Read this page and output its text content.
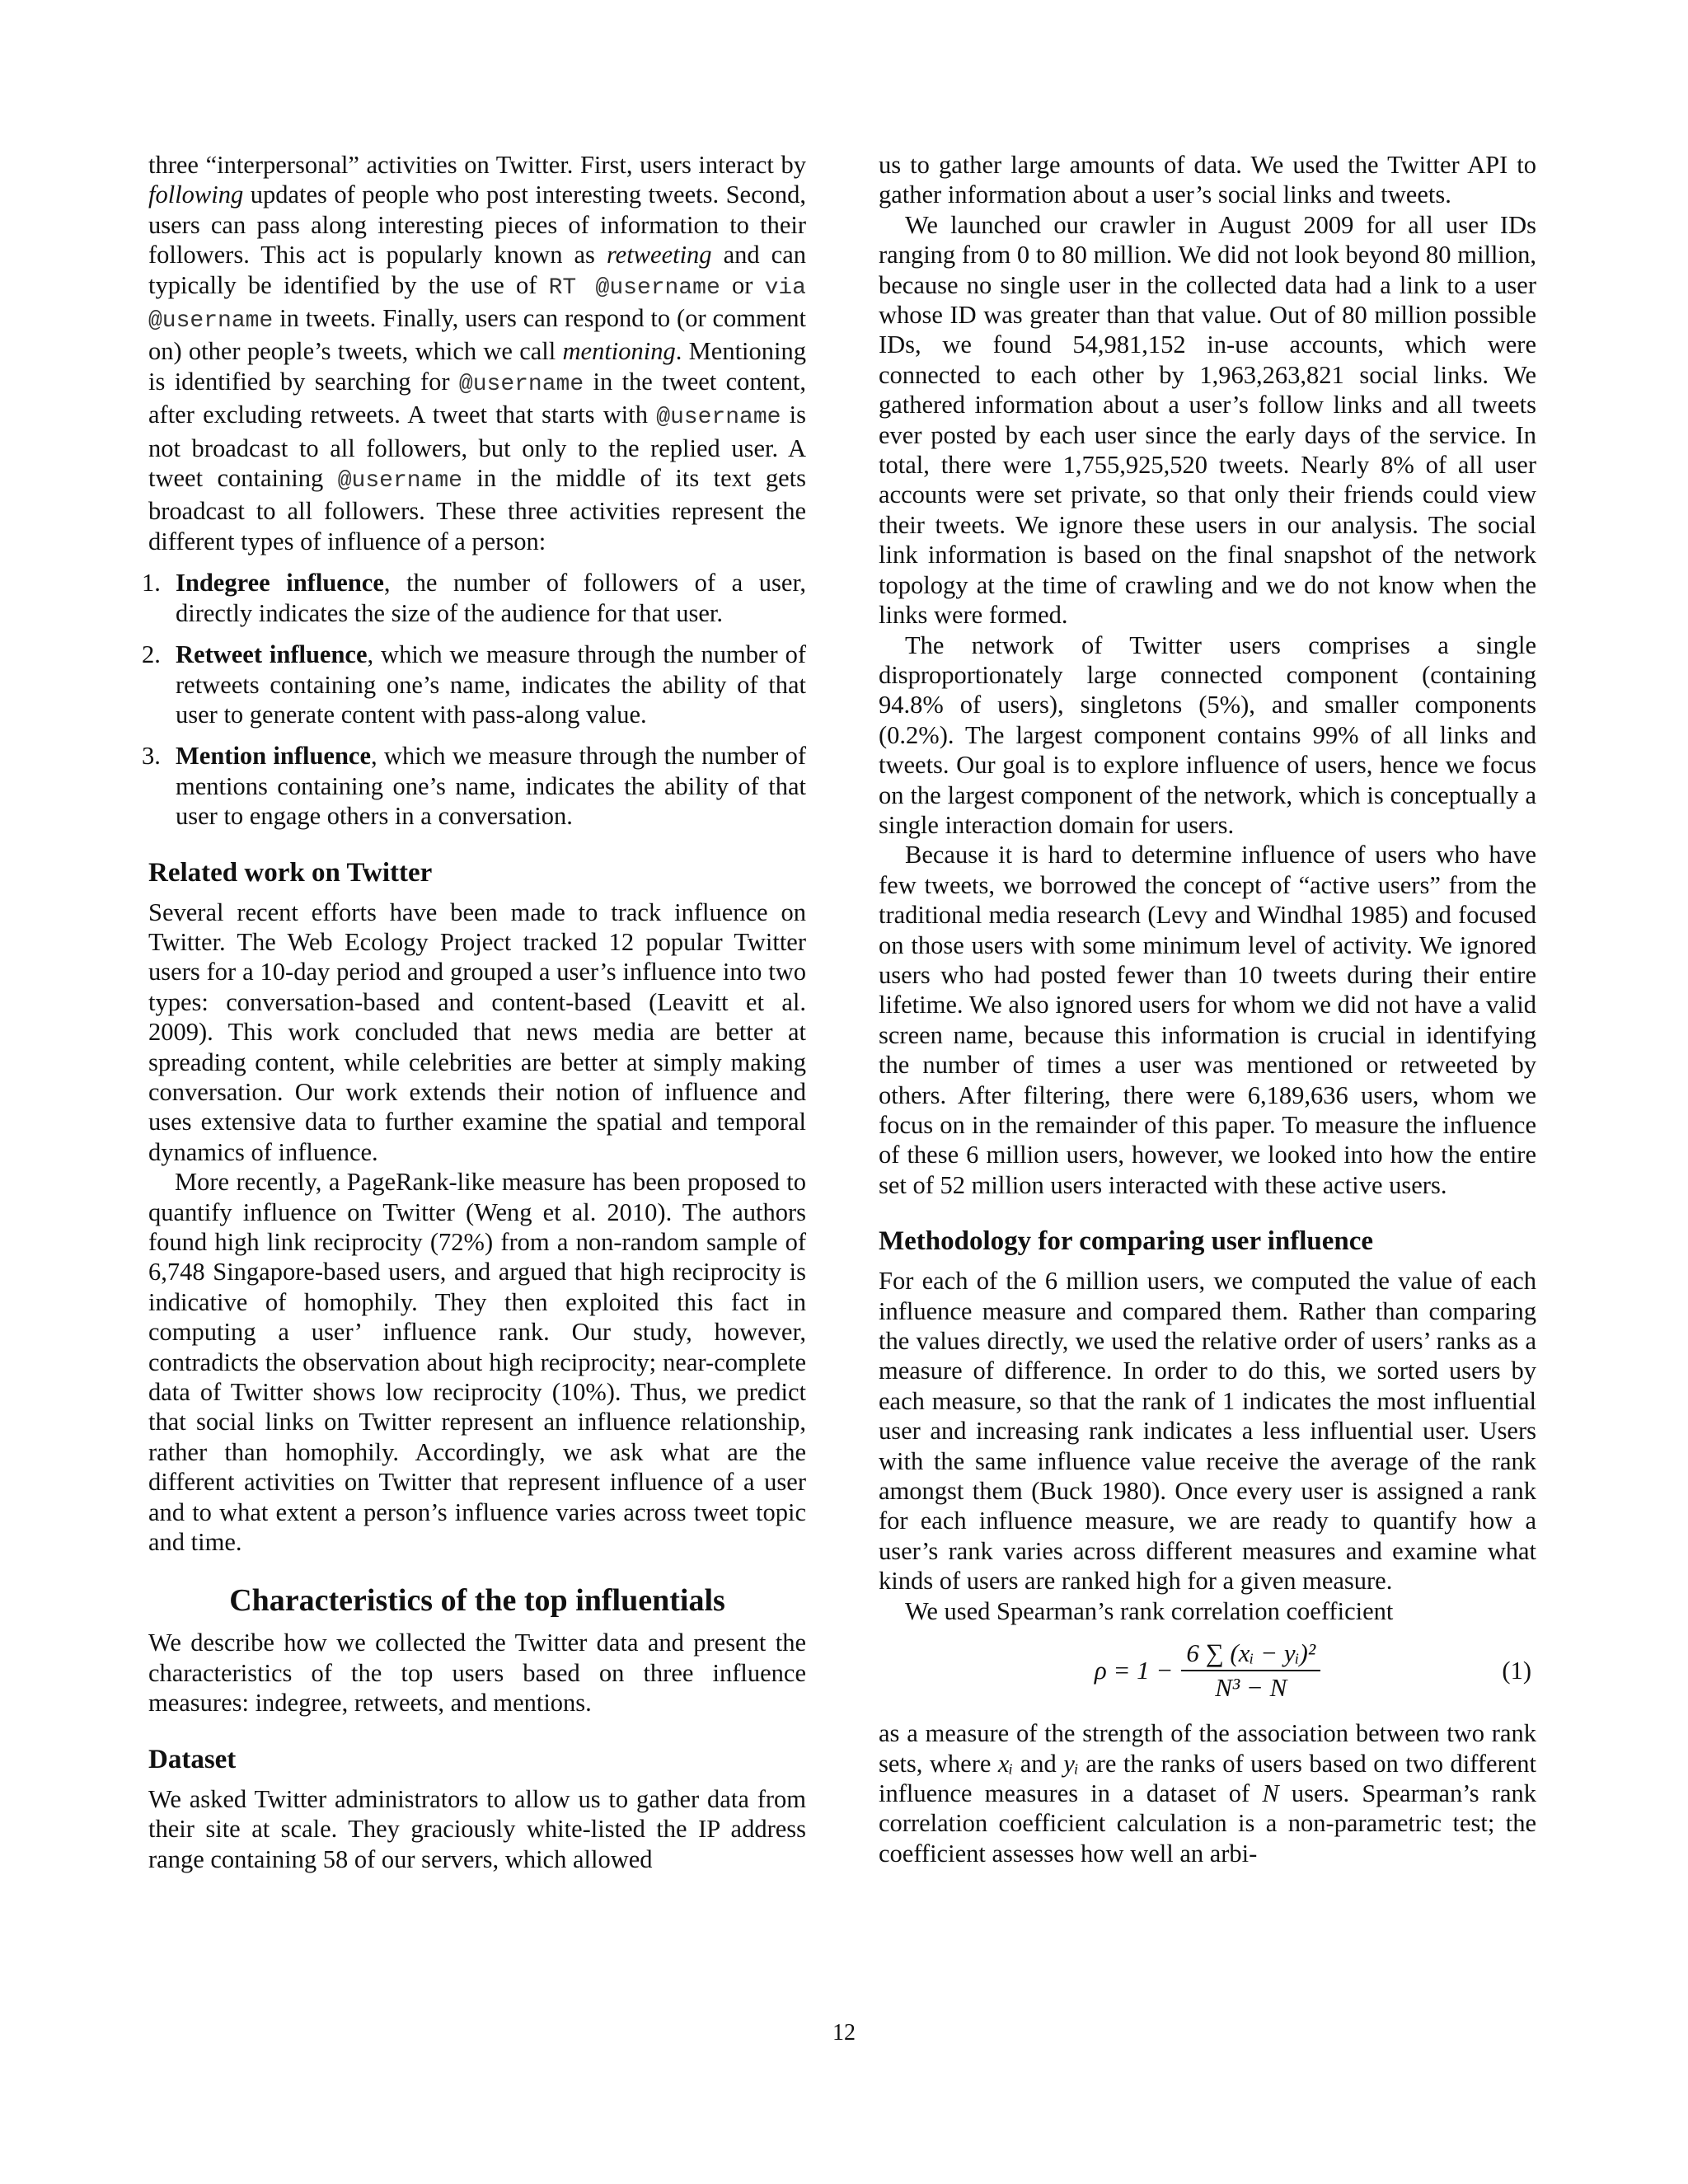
three “interpersonal” activities on Twitter. First, users interact by following updates of people who post interesting tweets. Second, users can pass along interesting pieces of information to their followers. This act is popularly known as retweeting and can typically be identified by the use of RT @username or via @username in tweets. Finally, users can respond to (or comment on) other people’s tweets, which we call mentioning. Mentioning is identified by searching for @username in the tweet content, after excluding retweets. A tweet that starts with @username is not broadcast to all followers, but only to the replied user. A tweet containing @username in the middle of its text gets broadcast to all followers. These three activities represent the different types of influence of a person:

1. Indegree influence, the number of followers of a user, directly indicates the size of the audience for that user.
2. Retweet influence, which we measure through the number of retweets containing one’s name, indicates the ability of that user to generate content with pass-along value.
3. Mention influence, which we measure through the number of mentions containing one’s name, indicates the ability of that user to engage others in a conversation.
Related work on Twitter

Several recent efforts have been made to track influence on Twitter. The Web Ecology Project tracked 12 popular Twitter users for a 10-day period and grouped a user’s influence into two types: conversation-based and content-based (Leavitt et al. 2009). This work concluded that news media are better at spreading content, while celebrities are better at simply making conversation. Our work extends their notion of influence and uses extensive data to further examine the spatial and temporal dynamics of influence.

More recently, a PageRank-like measure has been proposed to quantify influence on Twitter (Weng et al. 2010). The authors found high link reciprocity (72%) from a non-random sample of 6,748 Singapore-based users, and argued that high reciprocity is indicative of homophily. They then exploited this fact in computing a user’ influence rank. Our study, however, contradicts the observation about high reciprocity; near-complete data of Twitter shows low reciprocity (10%). Thus, we predict that social links on Twitter represent an influence relationship, rather than homophily. Accordingly, we ask what are the different activities on Twitter that represent influence of a user and to what extent a person’s influence varies across tweet topic and time.

Characteristics of the top influentials

We describe how we collected the Twitter data and present the characteristics of the top users based on three influence measures: indegree, retweets, and mentions.

Dataset

We asked Twitter administrators to allow us to gather data from their site at scale. They graciously white-listed the IP address range containing 58 of our servers, which allowed

us to gather large amounts of data. We used the Twitter API to gather information about a user’s social links and tweets.

We launched our crawler in August 2009 for all user IDs ranging from 0 to 80 million. We did not look beyond 80 million, because no single user in the collected data had a link to a user whose ID was greater than that value. Out of 80 million possible IDs, we found 54,981,152 in-use accounts, which were connected to each other by 1,963,263,821 social links. We gathered information about a user’s follow links and all tweets ever posted by each user since the early days of the service. In total, there were 1,755,925,520 tweets. Nearly 8% of all user accounts were set private, so that only their friends could view their tweets. We ignore these users in our analysis. The social link information is based on the final snapshot of the network topology at the time of crawling and we do not know when the links were formed.

The network of Twitter users comprises a single disproportionately large connected component (containing 94.8% of users), singletons (5%), and smaller components (0.2%). The largest component contains 99% of all links and tweets. Our goal is to explore influence of users, hence we focus on the largest component of the network, which is conceptually a single interaction domain for users.

Because it is hard to determine influence of users who have few tweets, we borrowed the concept of “active users” from the traditional media research (Levy and Windhal 1985) and focused on those users with some minimum level of activity. We ignored users who had posted fewer than 10 tweets during their entire lifetime. We also ignored users for whom we did not have a valid screen name, because this information is crucial in identifying the number of times a user was mentioned or retweeted by others. After filtering, there were 6,189,636 users, whom we focus on in the remainder of this paper. To measure the influence of these 6 million users, however, we looked into how the entire set of 52 million users interacted with these active users.

Methodology for comparing user influence

For each of the 6 million users, we computed the value of each influence measure and compared them. Rather than comparing the values directly, we used the relative order of users’ ranks as a measure of difference. In order to do this, we sorted users by each measure, so that the rank of 1 indicates the most influential user and increasing rank indicates a less influential user. Users with the same influence value receive the average of the rank amongst them (Buck 1980). Once every user is assigned a rank for each influence measure, we are ready to quantify how a user’s rank varies across different measures and examine what kinds of users are ranked high for a given measure.

We used Spearman’s rank correlation coefficient

$\rho = 1 - \frac{\text{6 ∑ (xᵢ − yᵢ)²}}{\text{N³ − N}}$	(1)

as a measure of the strength of the association between two rank sets, where xᵢ and yᵢ are the ranks of users based on two different influence measures in a dataset of N users. Spearman’s rank correlation coefficient calculation is a non-parametric test; the coefficient assesses how well an arbi-

12
